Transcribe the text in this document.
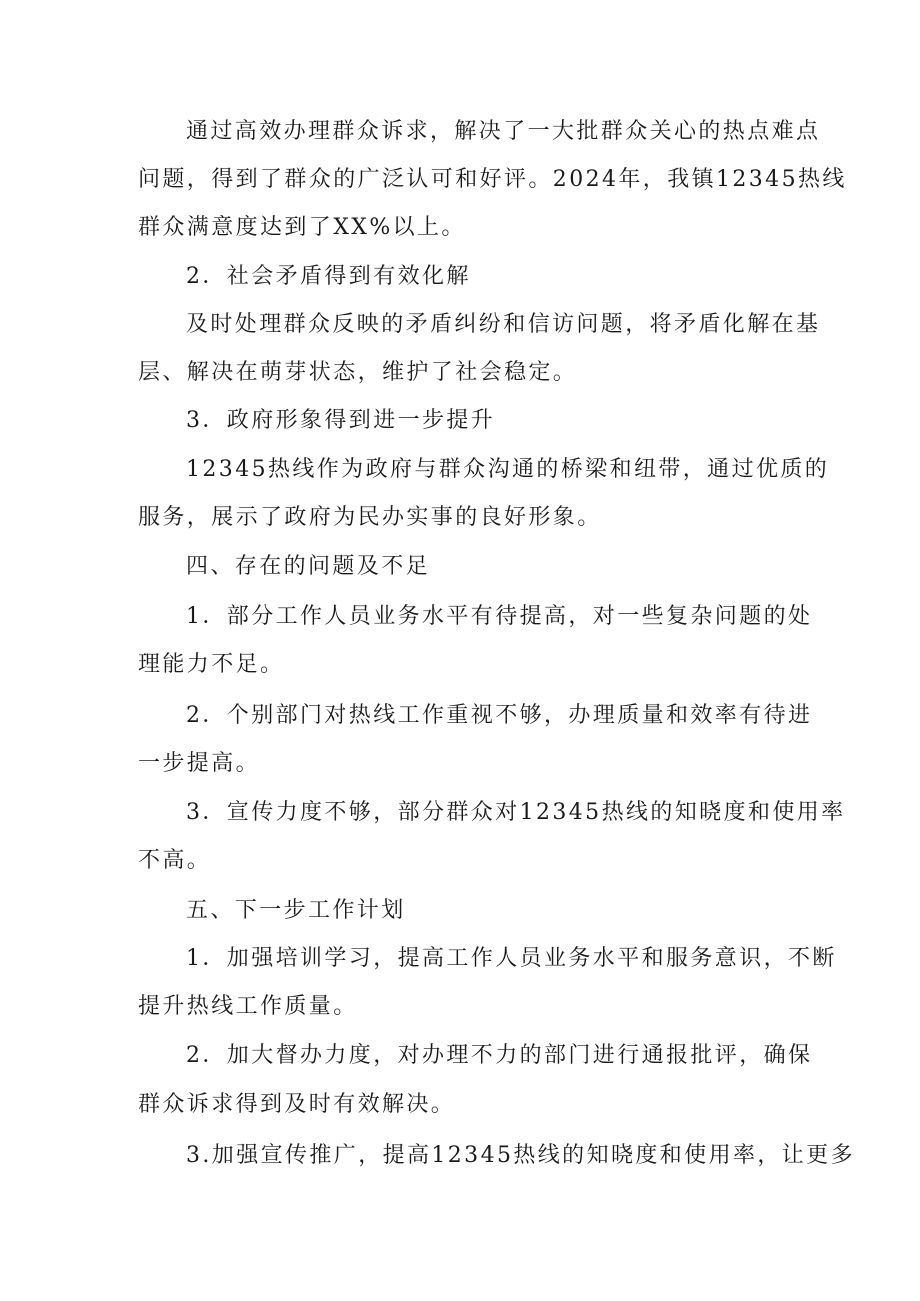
通过高效办理群众诉求，解决了一大批群众关心的热点难点
问题，得到了群众的广泛认可和好评。2024年，我镇12345热线
群众满意度达到了XX%以上。
2．社会矛盾得到有效化解
及时处理群众反映的矛盾纠纷和信访问题，将矛盾化解在基
层、解决在萌芽状态，维护了社会稳定。
3．政府形象得到进一步提升
12345热线作为政府与群众沟通的桥梁和纽带，通过优质的
服务，展示了政府为民办实事的良好形象。
四、存在的问题及不足
1．部分工作人员业务水平有待提高，对一些复杂问题的处
理能力不足。
2．个别部门对热线工作重视不够，办理质量和效率有待进
一步提高。
3．宣传力度不够，部分群众对12345热线的知晓度和使用率
不高。
五、下一步工作计划
1．加强培训学习，提高工作人员业务水平和服务意识，不断
提升热线工作质量。
2．加大督办力度，对办理不力的部门进行通报批评，确保
群众诉求得到及时有效解决。
3.加强宣传推广，提高12345热线的知晓度和使用率，让更多
